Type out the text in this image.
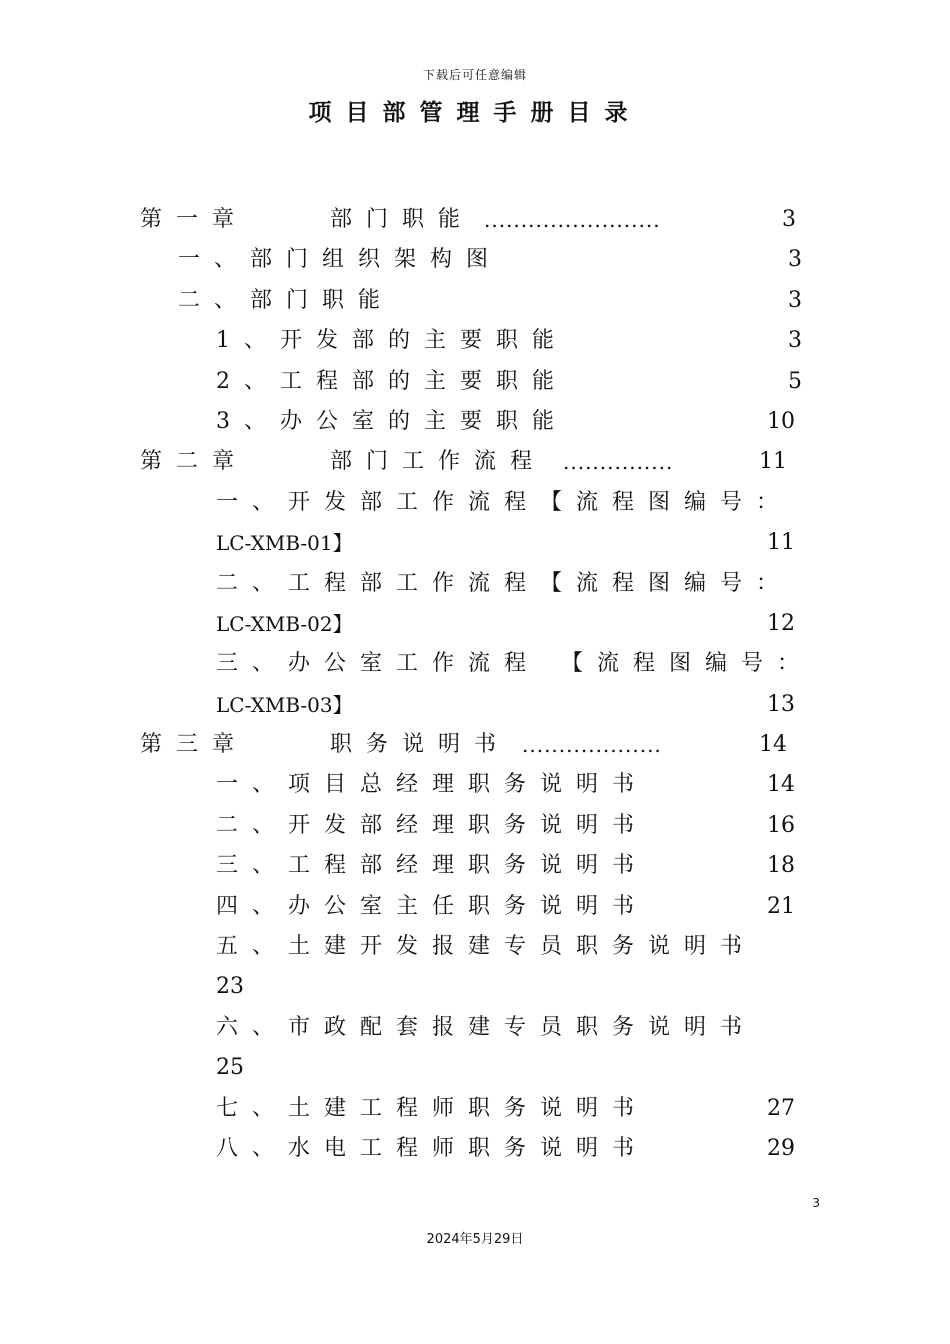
下载后可任意编辑
项目部管理手册目录
第一章	部门职能 ........................	3
一、部门组织架构图	3
二、部门职能	3
1、开发部的主要职能	3
2、工程部的主要职能	5
3、办公室的主要职能	10
第二章	部门工作流程 ...............	11
一、开发部工作流程【流程图编号：
LC-XMB-01】	11
二、工程部工作流程【流程图编号：
LC-XMB-02】	12
三、办公室工作流程 【流程图编号：
LC-XMB-03】	13
第三章	职务说明书 ...................	14
一、项目总经理职务说明书	14
二、开发部经理职务说明书	16
三、工程部经理职务说明书	18
四、办公室主任职务说明书	21
五、土建开发报建专员职务说明书
23
六、市政配套报建专员职务说明书
25
七、土建工程师职务说明书	27
八、水电工程师职务说明书	29
3
2024年5月29日
